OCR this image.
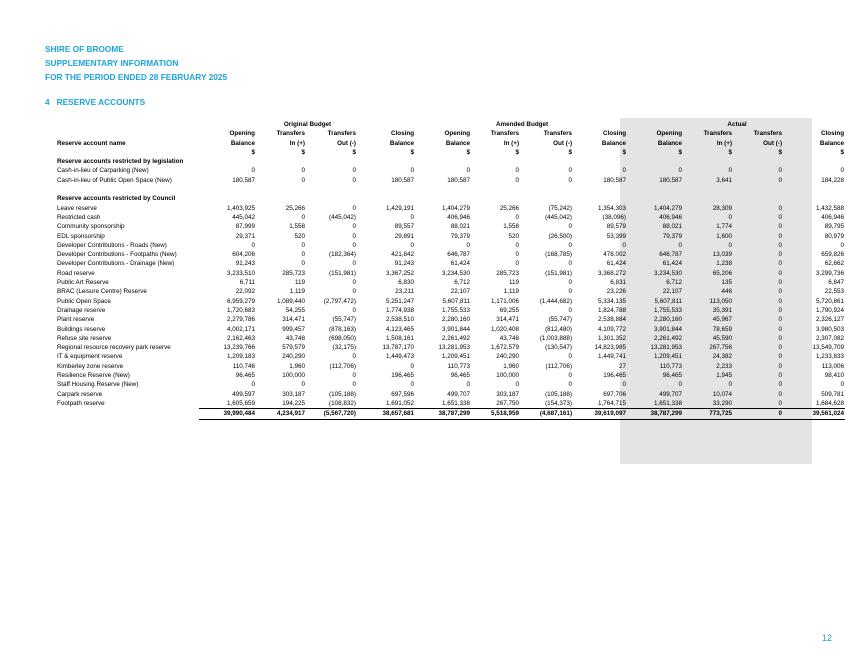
SHIRE OF BROOME
SUPPLEMENTARY INFORMATION
FOR THE PERIOD ENDED 28 FEBRUARY 2025
4 RESERVE ACCOUNTS
	Original Budget				Amended Budget				Actual			
	Opening	Transfers	Transfers	Closing	Opening	Transfers	Transfers	Closing	Opening	Transfers	Transfers	Closing
Reserve account name	Balance	In (+)	Out (-)	Balance	Balance	In (+)	Out (-)	Balance	Balance	In (+)	Out (-)	Balance
	$	$	$	$	$	$	$	$	$	$	$	$
Reserve accounts restricted by legislation												
Cash-in-lieu of Carparking (New)	0	0	0	0	0	0	0	0	0	0	0	0
Cash-in-lieu of Public Open Space (New)	180,587	0	0	180,587	180,587	0	0	180,587	180,587	3,641	0	184,228

Reserve accounts restricted by Council												
Leave reserve	1,403,925	25,266	0	1,429,191	1,404,279	25,266	(75,242)	1,354,303	1,404,279	28,309	0	1,432,588
Restricted cash	445,042	0	(445,042)	0	406,946	0	(445,042)	(38,096)	406,946	0	0	406,946
Community sponsorship	87,999	1,558	0	89,557	88,021	1,558	0	89,579	88,021	1,774	0	89,795
EDL sponsorship	29,371	520	0	29,891	79,379	520	(26,500)	53,399	79,379	1,600	0	80,979
Developer Contributions - Roads (New)	0	0	0	0	0	0	0	0	0	0	0	0
Developer Contributions - Footpaths (New)	604,206	0	(182,364)	421,842	646,787	0	(168,785)	478,002	646,787	13,039	0	659,826
Developer Contributions - Drainage (New)	91,243	0	0	91,243	61,424	0	0	61,424	61,424	1,238	0	62,662
Road reserve	3,233,510	285,723	(151,981)	3,367,252	3,234,530	285,723	(151,981)	3,368,272	3,234,530	65,206	0	3,299,736
Public Art Reserve	6,711	119	0	6,830	6,712	119	0	6,831	6,712	135	0	6,847
BRAC (Leisure Centre) Reserve	22,092	1,119	0	23,211	22,107	1,119	0	23,226	22,107	446	0	22,553
Public Open Space	6,959,279	1,089,440	(2,797,472)	5,251,247	5,607,811	1,171,006	(1,444,682)	5,334,135	5,607,811	113,050	0	5,720,861
Drainage reserve	1,720,683	54,255	0	1,774,938	1,755,533	69,255	0	1,824,788	1,755,533	35,391	0	1,790,924
Plant reserve	2,279,786	314,471	(55,747)	2,538,510	2,280,160	314,471	(55,747)	2,538,884	2,280,160	45,967	0	2,326,127
Buildings reserve	4,002,171	999,457	(878,163)	4,123,465	3,901,844	1,020,408	(812,480)	4,109,772	3,901,844	78,659	0	3,980,503
Refuse site reserve	2,162,463	43,748	(698,050)	1,508,161	2,261,492	43,748	(1,003,888)	1,301,352	2,261,492	45,590	0	2,307,082
Regional resource recovery park reserve	13,239,766	579,579	(32,175)	13,787,170	13,281,953	1,672,579	(130,547)	14,823,985	13,281,953	267,756	0	13,549,709
IT & equipment reserve	1,209,183	240,290	0	1,449,473	1,209,451	240,290	0	1,449,741	1,209,451	24,382	0	1,233,833
Kimberley zone reserve	110,746	1,960	(112,706)	0	110,773	1,960	(112,706)	27	110,773	2,233	0	113,006
Resilience Reserve (New)	96,465	100,000	0	196,465	96,465	100,000	0	196,465	96,465	1,945	0	98,410
Staff Housing Reserve (New)	0	0	0	0	0	0	0	0	0	0	0	0
Carpark reserve	499,597	303,187	(105,188)	697,596	499,707	303,187	(105,188)	697,706	499,707	10,074	0	509,781
Footpath reserve	1,605,659	194,225	(108,832)	1,691,052	1,651,338	267,750	(154,373)	1,764,715	1,651,338	33,290	0	1,684,628
	39,990,484	4,234,917	(5,567,720)	38,657,681	38,787,299	5,518,959	(4,687,161)	39,619,097	38,787,299	773,725	0	39,561,024
12
